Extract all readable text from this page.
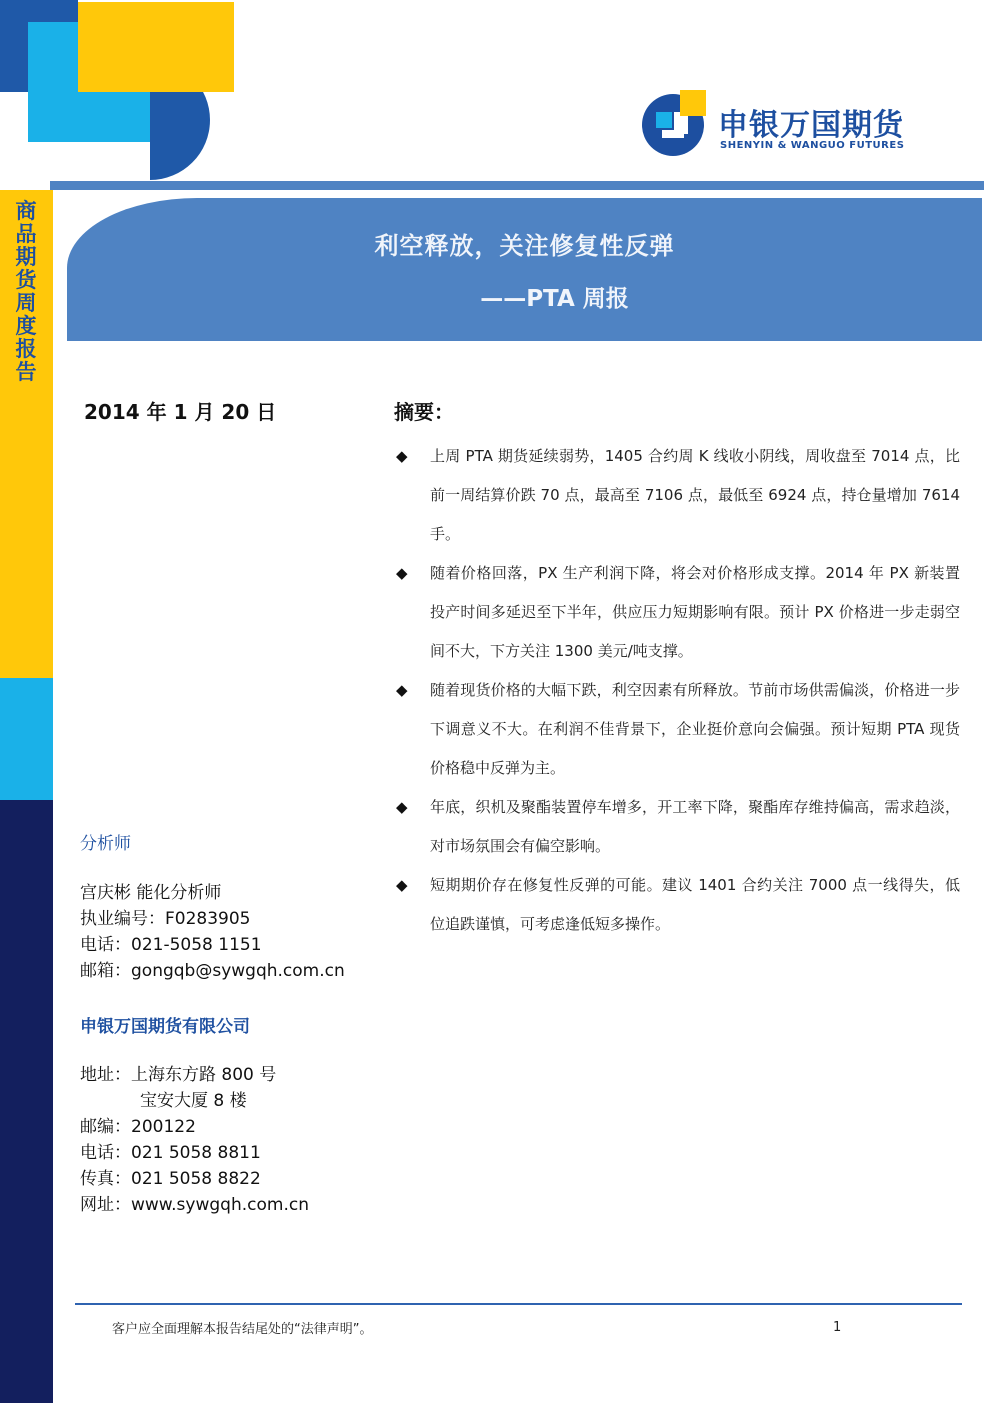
申银万国期货
SHENYIN & WANGUO FUTURES
商品期货 周度报告
利空释放，关注修复性反弹
——PTA 周报
2014 年 1 月 20 日	摘要：
◆ 上周 PTA 期货延续弱势，1405 合约周 K 线收小阴线，周收盘至 7014 点，比前一周结算价跌 70 点，最高至 7106 点，最低至 6924 点，持仓量增加 7614 手。
◆ 随着价格回落，PX 生产利润下降，将会对价格形成支撑。2014 年 PX 新装置投产时间多延迟至下半年，供应压力短期影响有限。预计 PX 价格进一步走弱空间不大，下方关注 1300 美元/吨支撑。
◆ 随着现货价格的大幅下跌，利空因素有所释放。节前市场供需偏淡，价格进一步下调意义不大。在利润不佳背景下，企业挺价意向会偏强。预计短期 PTA 现货价格稳中反弹为主。
◆ 年底，织机及聚酯装置停车增多，开工率下降，聚酯库存维持偏高，需求趋淡，对市场氛围会有偏空影响。
◆ 短期期价存在修复性反弹的可能。建议 1401 合约关注 7000 点一线得失，低位追跌谨慎，可考虑逢低短多操作。
分析师
宫庆彬 能化分析师
执业编号：F0283905
电话：021-5058 1151
邮箱：gongqb@sywgqh.com.cn
申银万国期货有限公司
地址：上海东方路 800 号
宝安大厦 8 楼
邮编：200122
电话：021 5058 8811
传真：021 5058 8822
网址：www.sywgqh.com.cn
客户应全面理解本报告结尾处的“法律声明”。	1
